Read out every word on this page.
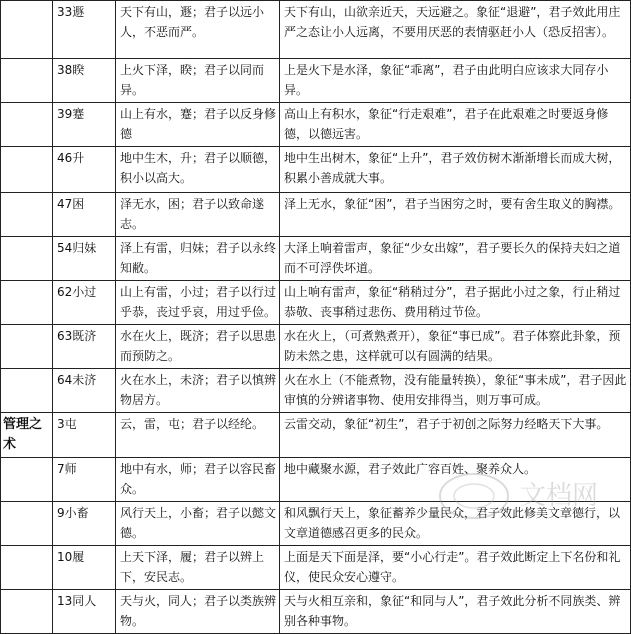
	33遯	天下有山，遯；君子以远小人，不恶而严。	天下有山，山欲亲近天，天远避之。象征“退避”，君子效此用庄严之态让小人远离，不要用厌恶的表情驱赶小人（恐反招害）。
	38睽	上火下泽，睽；君子以同而异。	上是火下是水泽，象征“乖离”，君子由此明白应该求大同存小异。
	39蹇	山上有水，蹇；君子以反身修德	高山上有积水，象征“行走艰难”，君子在此艰难之时要返身修德，以德远害。
	46升	地中生木，升；君子以顺德，积小以高大。	地中生出树木，象征“上升”，君子效仿树木渐渐增长而成大树，积累小善成就大事。
	47困	泽无水，困；君子以致命遂志。	泽上无水，象征“困”，君子当困穷之时，要有舍生取义的胸襟。
	54归妹	泽上有雷，归妹；君子以永终知敝。	大泽上响着雷声，象征“少女出嫁”，君子要长久的保持夫妇之道而不可浮佚坏道。
	62小过	山上有雷，小过；君子以行过乎恭，丧过乎哀，用过乎俭。	山上响有雷声，象征“稍稍过分”，君子据此小过之象，行止稍过恭敬、丧事稍过悲伤、费用稍过节俭。
	63既济	水在火上，既济；君子以思患而预防之。	水在火上，（可煮熟煮开），象征“事已成”。君子体察此卦象，预防未然之患，这样就可以有圆满的结果。
	64未济	火在水上，未济；君子以慎辨物居方。	火在水上（不能煮物，没有能量转换），象征“事未成”，君子因此审慎的分辨诸事物、使用安排得当，则万事可成。
管理之术	3屯	云，雷，屯；君子以经纶。	云雷交动，象征“初生”，君子于初创之际努力经略天下大事。
	7师	地中有水，师；君子以容民畜众。	地中藏聚水源，君子效此广容百姓、聚养众人。
	9小畜	风行天上，小畜；君子以懿文德。	和风飘行天上，象征蓄养少量民众，君子效此修美文章德行，以文章道德感召更多的民众。
	10履	上天下泽，履；君子以辨上下，安民志。	上面是天下面是泽，要“小心行走”。君子效此断定上下名份和礼仪，使民众安心遵守。
	13同人	天与火，同人；君子以类族辨物。	天与火相互亲和，象征“和同与人”，君子效此分析不同族类、辨别各种事物。
文档网
